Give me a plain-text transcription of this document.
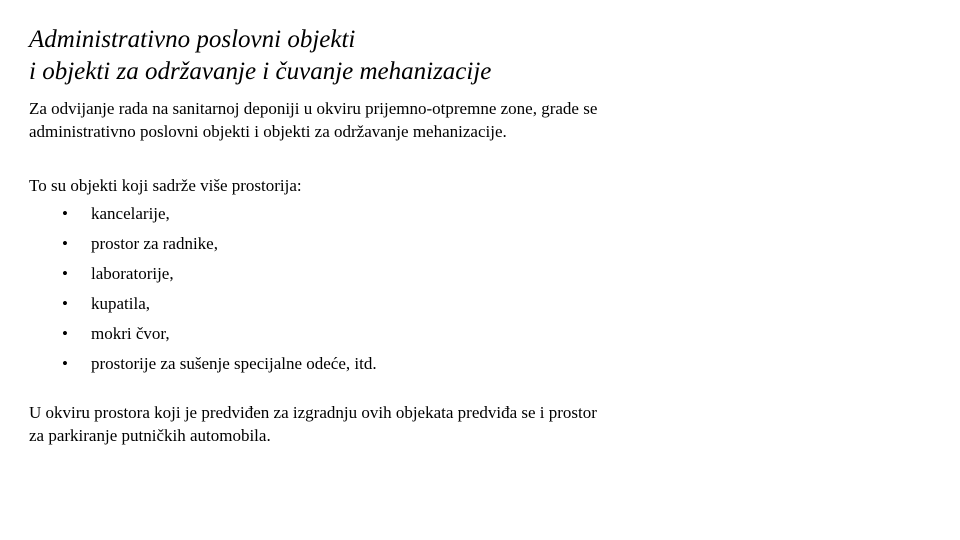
Administrativno poslovni objekti
i objekti za održavanje i čuvanje mehanizacije

Za odvijanje rada na sanitarnoj deponiji u okviru prijemno-otpremne zone, grade se
administrativno poslovni objekti i objekti za održavanje mehanizacije.

To su objekti koji sadrže više prostorija:
• kancelarije,
• prostor za radnike,
• laboratorije,
• kupatila,
• mokri čvor,
• prostorije za sušenje specijalne odeće, itd.

U okviru prostora koji je predviđen za izgradnju ovih objekata predviđa se i prostor
za parkiranje putničkih automobila.
